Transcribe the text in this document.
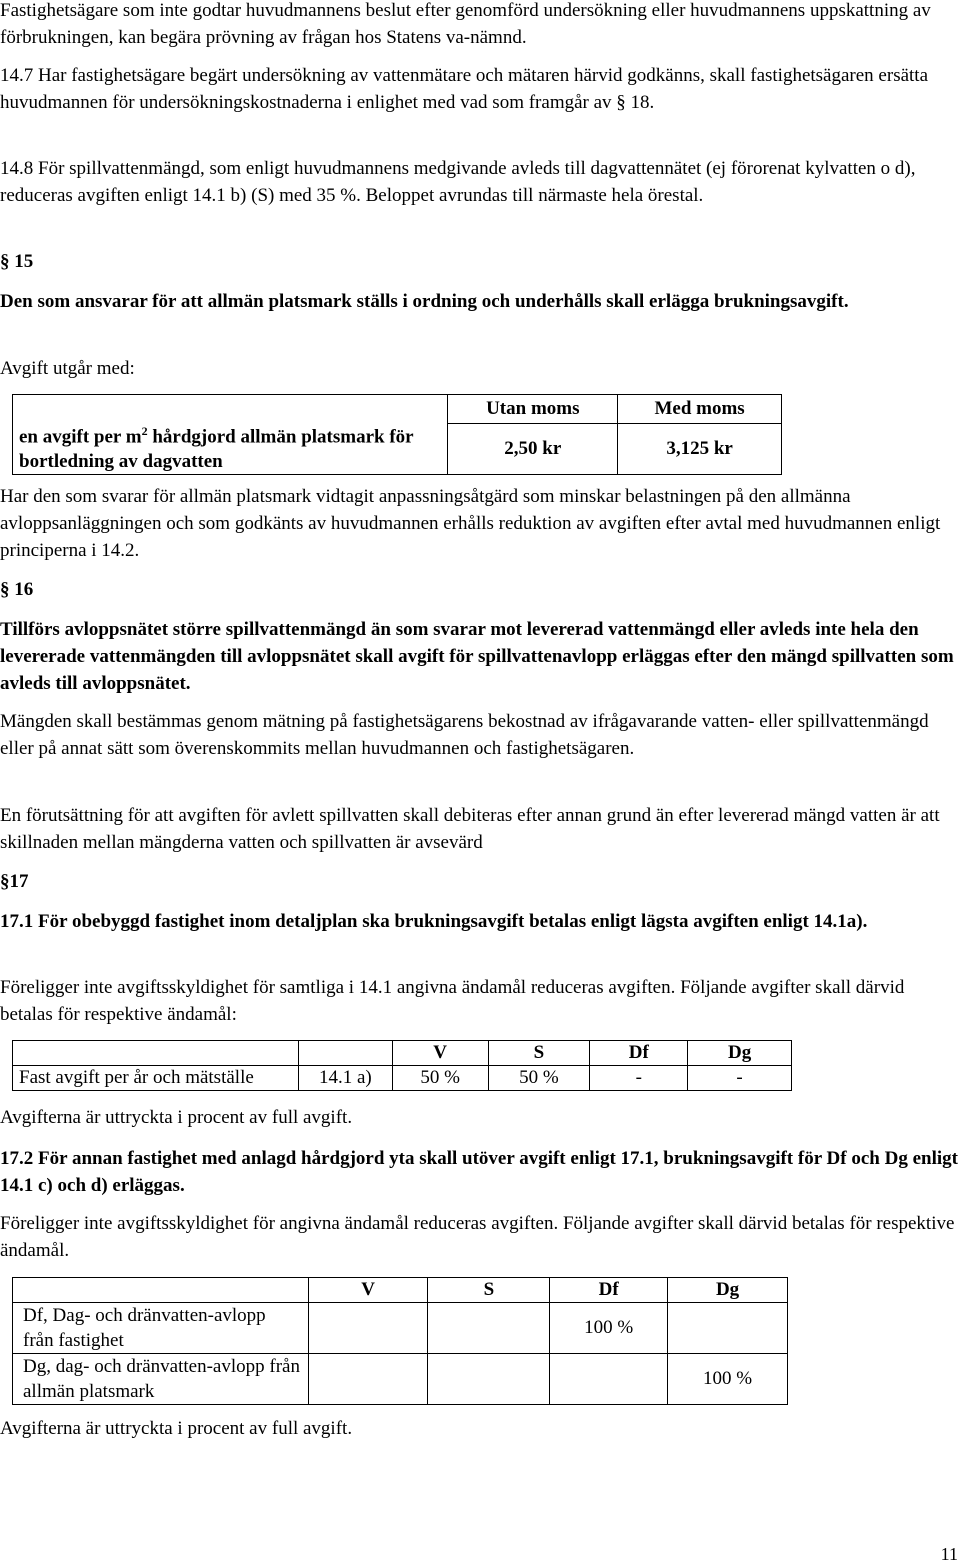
Fastighetsägare som inte godtar huvudmannens beslut efter genomförd undersökning eller huvudmannens uppskattning av förbrukningen, kan begära prövning av frågan hos Statens va-nämnd.

14.7 Har fastighetsägare begärt undersökning av vattenmätare och mätaren härvid godkänns, skall fastighetsägaren ersätta huvudmannen för undersökningskostnaderna i enlighet med vad som framgår av § 18.

14.8 För spillvattenmängd, som enligt huvudmannens medgivande avleds till dagvattennätet (ej förorenat kylvatten o d), reduceras avgiften enligt 14.1 b) (S) med 35 %. Beloppet avrundas till närmaste hela örestal.

§ 15

Den som ansvarar för att allmän platsmark ställs i ordning och underhålls skall erlägga brukningsavgift.

Avgift utgår med:

en avgift per $m^2$ hårdgjord allmän platsmark för bortledning av dagvatten	Utan moms	Med moms
	2,50 kr	3,125 kr

Har den som svarar för allmän platsmark vidtagit anpassningsåtgärd som minskar belastningen på den allmänna avloppsanläggningen och som godkänts av huvudmannen erhålls reduktion av avgiften efter avtal med huvudmannen enligt principerna i 14.2.

§ 16

Tillförs avloppsnätet större spillvattenmängd än som svarar mot levererad vattenmängd eller avleds inte hela den levererade vattenmängden till avloppsnätet skall avgift för spillvattenavlopp erläggas efter den mängd spillvatten som avleds till avloppsnätet.

Mängden skall bestämmas genom mätning på fastighetsägarens bekostnad av ifrågavarande vatten- eller spillvattenmängd eller på annat sätt som överenskommits mellan huvudmannen och fastighetsägaren.

En förutsättning för att avgiften för avlett spillvatten skall debiteras efter annan grund än efter levererad mängd vatten är att skillnaden mellan mängderna vatten och spillvatten är avsevärd

§17

17.1 För obebyggd fastighet inom detaljplan ska brukningsavgift betalas enligt lägsta avgiften enligt 14.1a).

Föreligger inte avgiftsskyldighet för samtliga i 14.1 angivna ändamål reduceras avgiften. Följande avgifter skall därvid betalas för respektive ändamål:

		V	S	Df	Dg
Fast avgift per år och mätställe	14.1 a)	50 %	50 %	-	-

Avgifterna är uttryckta i procent av full avgift.

17.2 För annan fastighet med anlagd hårdgjord yta skall utöver avgift enligt 17.1, brukningsavgift för Df och Dg enligt 14.1 c) och d) erläggas.

Föreligger inte avgiftsskyldighet för angivna ändamål reduceras avgiften. Följande avgifter skall därvid betalas för respektive ändamål.

	V	S	Df	Dg
Df, Dag- och dränvatten-avlopp från fastighet			100 %	
Dg, dag- och dränvatten-avlopp från allmän platsmark				100 %

Avgifterna är uttryckta i procent av full avgift.

11
